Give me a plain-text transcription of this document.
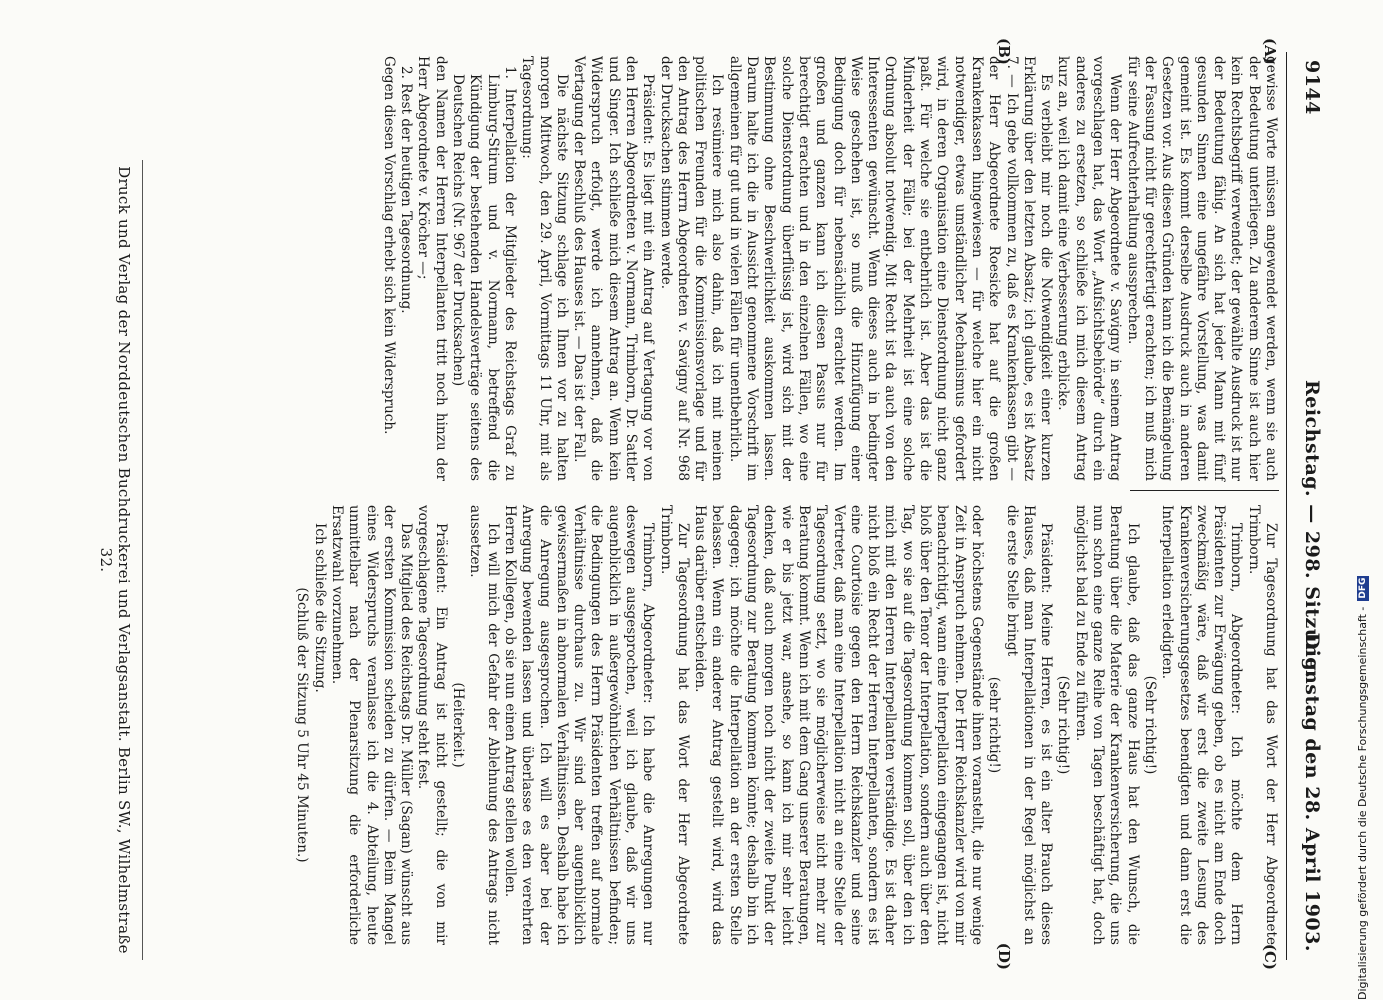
9144
Reichstag. — 298. Sitzung.
Dienstag den 28. April 1903.
(A)
(B)
(C)
(D)

gewisse Worte müssen angewendet werden, wenn sie auch der Bedeutung unterliegen. Zu anderem Sinne ist auch hier kein Rechtsbegriff verwendet; der gewählte Ausdruck ist nur der Bedeutung fähig. An sich hat jeder Mann mit fünf gesunden Sinnen eine ungefähre Vorstellung, was damit gemeint ist. Es kommt derselbe Ausdruck auch in anderen Gesetzen vor. Aus diesen Gründen kann ich die Bemängelung der Fassung nicht für gerechtfertigt erachten; ich muß mich für seine Aufrechterhaltung aussprechen.

Wenn der Herr Abgeordnete v. Savigny in seinem Antrag vorgeschlagen hat, das Wort „Aufsichtsbehörde“ durch ein anderes zu ersetzen, so schließe ich mich diesem Antrag kurz an, weil ich damit eine Verbesserung erblicke.

Es verbleibt mir noch die Notwendigkeit einer kurzen Erklärung über den letzten Absatz; ich glaube, es ist Absatz 7. — Ich gebe vollkommen zu, daß es Krankenkassen gibt — der Herr Abgeordnete Roesicke hat auf die großen Krankenkassen hingewiesen — für welche hier ein nicht notwendiger, etwas umständlicher Mechanismus gefordert wird, in deren Organisation eine Dienstordnung nicht ganz paßt. Für welche sie entbehrlich ist. Aber das ist die Minderheit der Fälle; bei der Mehrheit ist eine solche Ordnung absolut notwendig. Mit Recht ist da auch von den Interessenten gewünscht. Wenn dieses auch in bedingter Weise geschehen ist, so muß die Hinzufügung einer Bedingung doch für nebensächlich erachtet werden. Im großen und ganzen kann ich diesen Passus nur für berechtigt erachten und in den einzelnen Fällen, wo eine solche Dienstordnung überflüssig ist, wird sich mit der Bestimmung ohne Beschwerlichkeit auskommen lassen. Darum halte ich die in Aussicht genommene Vorschrift im allgemeinen für gut und in vielen Fällen für unentbehrlich.

Ich resümiere mich also dahin, daß ich mit meinen politischen Freunden für die Kommissionsvorlage und für den Antrag des Herrn Abgeordneten v. Savigny auf Nr. 968 der Drucksachen stimmen werde.

Präsident: Es liegt mit ein Antrag auf Vertagung vor von den Herren Abgeordneten v. Normann, Trimborn, Dr. Sattler und Singer. Ich schließe mich diesem Antrag an. Wenn kein Widerspruch erfolgt, werde ich annehmen, daß die Vertagung der Beschluß des Hauses ist. — Das ist der Fall.

Die nächste Sitzung schlage ich Ihnen vor zu halten morgen Mittwoch, den 29. April, Vormittags 11 Uhr, mit als Tagesordnung:

1. Interpellation der Mitglieder des Reichstags Graf zu Limburg-Stirum und v. Normann, betreffend die Kündigung der bestehenden Handelsverträge seitens des Deutschen Reichs (Nr. 967 der Drucksachen)

den Namen der Herren Interpellanten tritt noch hinzu der Herr Abgeordnete v. Kröcher —;

2. Rest der heutigen Tagesordnung.

Gegen diesen Vorschlag erhebt sich kein Widerspruch.

Zur Tagesordnung hat das Wort der Herr Abgeordnete Trimborn.

Trimborn, Abgeordneter: Ich möchte dem Herrn Präsidenten zur Erwägung geben, ob es nicht am Ende doch zweckmäßig wäre, daß wir erst die zweite Lesung des Krankenversicherungsgesetzes beendigten und dann erst die Interpellation erledigten.

(Sehr richtig!)

Ich glaube, daß das ganze Haus hat den Wunsch, die Beratung über die Materie der Krankenversicherung, die uns nun schon eine ganze Reihe von Tagen beschäftigt hat, doch möglichst bald zu Ende zu führen.

(Sehr richtig!)

Präsident: Meine Herren, es ist ein alter Brauch dieses Hauses, daß man Interpellationen in der Regel möglichst an die erste Stelle bringt

(sehr richtig!)

oder höchstens Gegenstände ihnen voranstellt, die nur wenige Zeit in Anspruch nehmen. Der Herr Reichskanzler wird von mir benachrichtigt, wann eine Interpellation eingegangen ist, nicht bloß über den Tenor der Interpellation, sondern auch über den Tag, wo sie auf die Tagesordnung kommen soll, über den ich mich mit den Herren Interpellanten verständige. Es ist daher nicht bloß ein Recht der Herren Interpellanten, sondern es ist eine Courtoisie gegen den Herrn Reichskanzler und seine Vertreter, daß man eine Interpellation nicht an eine Stelle der Tagesordnung setzt, wo sie möglicherweise nicht mehr zur Beratung kommt. Wenn ich mit dem Gang unserer Beratungen, wie er bis jetzt war, ansehe, so kann ich mir sehr leicht denken, daß auch morgen noch nicht der zweite Punkt der Tagesordnung zur Beratung kommen könnte; deshalb bin ich dagegen; ich möchte die Interpellation an der ersten Stelle belassen. Wenn ein anderer Antrag gestellt wird, wird das Haus darüber entscheiden.

Zur Tagesordnung hat das Wort der Herr Abgeordnete Trimborn.

Trimborn, Abgeordneter: Ich habe die Anregungen nur deswegen ausgesprochen, weil ich glaube, daß wir uns augenblicklich in außergewöhnlichen Verhältnissen befinden; die Bedingungen des Herrn Präsidenten treffen auf normale Verhältnisse durchaus zu. Wir sind aber augenblicklich gewissermaßen in abnormalen Verhältnissen. Deshalb habe ich die Anregung ausgesprochen. Ich will es aber bei der Anregung bewenden lassen und überlasse es den verehrten Herren Kollegen, ob sie nun einen Antrag stellen wollen.

Ich will mich der Gefahr der Ablehnung des Antrags nicht aussetzen.

(Heiterkeit.)

Präsident: Ein Antrag ist nicht gestellt; die von mir vorgeschlagene Tagesordnung steht fest.

Das Mitglied des Reichstags Dr. Müller (Sagan) wünscht aus der ersten Kommission scheiden zu dürfen. — Beim Mangel eines Widerspruchs veranlasse ich die 4. Abteilung, heute unmittelbar nach der Plenarsitzung die erforderliche Ersatzwahl vorzunehmen.

Ich schließe die Sitzung.

(Schluß der Sitzung 5 Uhr 45 Minuten.)

Druck und Verlag der Norddeutschen Buchdruckerei und Verlagsanstalt. Berlin SW., Wilhelmstraße 32.
Digitalisierung gefördert durch die Deutsche Forschungsgemeinschaft -
DFG
